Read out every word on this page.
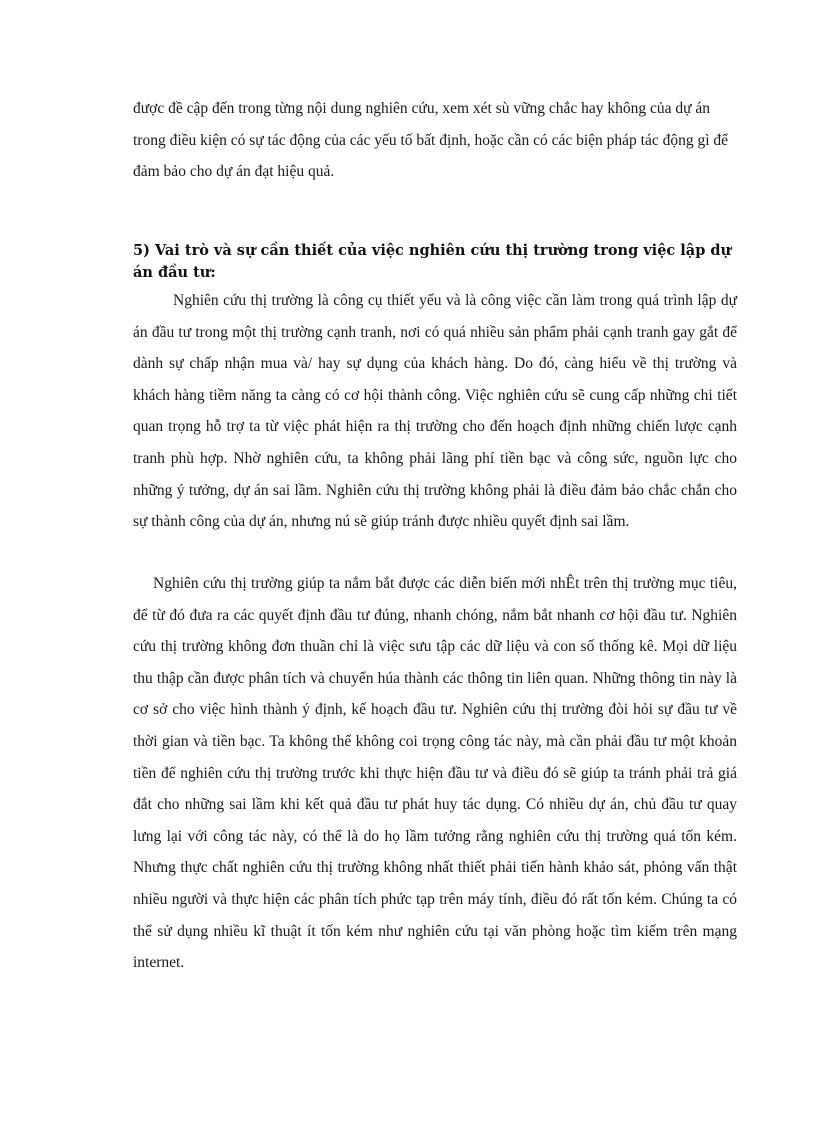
được đề cập đến trong từng nội dung nghiên cứu, xem xét sù vững chắc hay không của dự án trong điều kiện có sự tác động của các yếu tố bất định, hoặc cần có các biện pháp tác động gì để đảm bảo cho dự án đạt hiệu quả.

5) Vai trò và sự cần thiết của việc nghiên cứu thị trường trong việc lập dự án đầu tư:

Nghiên cứu thị trường là công cụ thiết yếu và là công việc cần làm trong quá trình lập dự án đầu tư trong một thị trường cạnh tranh, nơi có quá nhiều sản phẩm phải cạnh tranh gay gắt để dành sự chấp nhận mua và/ hay sự dụng của khách hàng. Do đó, càng hiểu về thị trường và khách hàng tiềm năng ta càng có cơ hội thành công. Việc nghiên cứu sẽ cung cấp những chi tiết quan trọng hỗ trợ ta từ việc phát hiện ra thị trường cho đến hoạch định những chiến lược cạnh tranh phù hợp. Nhờ nghiên cứu, ta không phải lãng phí tiền bạc và công sức, nguồn lực cho những ý tưởng, dự án sai lầm. Nghiên cứu thị trường không phải là điều đảm bảo chắc chắn cho sự thành công của dự án, nhưng nú sẽ giúp tránh được nhiều quyết định sai lầm.

Nghiên cứu thị trường giúp ta nắm bắt được các diễn biến mới nhÊt trên thị trường mục tiêu, để từ đó đưa ra các quyết định đầu tư đúng, nhanh chóng, nắm bắt nhanh cơ hội đầu tư. Nghiên cứu thị trường không đơn thuần chỉ là việc sưu tập các dữ liệu và con số thống kê. Mọi dữ liệu thu thập cần được phân tích và chuyển húa thành các thông tin liên quan. Những thông tin này là cơ sở cho việc hình thành ý định, kế hoạch đầu tư. Nghiên cứu thị trường đòi hỏi sự đầu tư về thời gian và tiền bạc. Ta không thể không coi trọng công tác này, mà cần phải đầu tư một khoản tiền để nghiên cứu thị trường trước khi thực hiện đầu tư và điều đó sẽ giúp ta tránh phải trả giá đắt cho những sai lầm khi kết quả đầu tư phát huy tác dụng. Có nhiều dự án, chủ đầu tư quay lưng lại với công tác này, có thể là do họ lầm tưởng rằng nghiên cứu thị trường quá tốn kém. Nhưng thực chất nghiên cứu thị trường không nhất thiết phải tiến hành khảo sát, phỏng vấn thật nhiều người và thực hiện các phân tích phức tạp trên máy tính, điều đó rất tốn kém. Chúng ta có thể sử dụng nhiều kĩ thuật ít tốn kém như nghiên cứu tại văn phòng hoặc tìm kiếm trên mạng internet.
